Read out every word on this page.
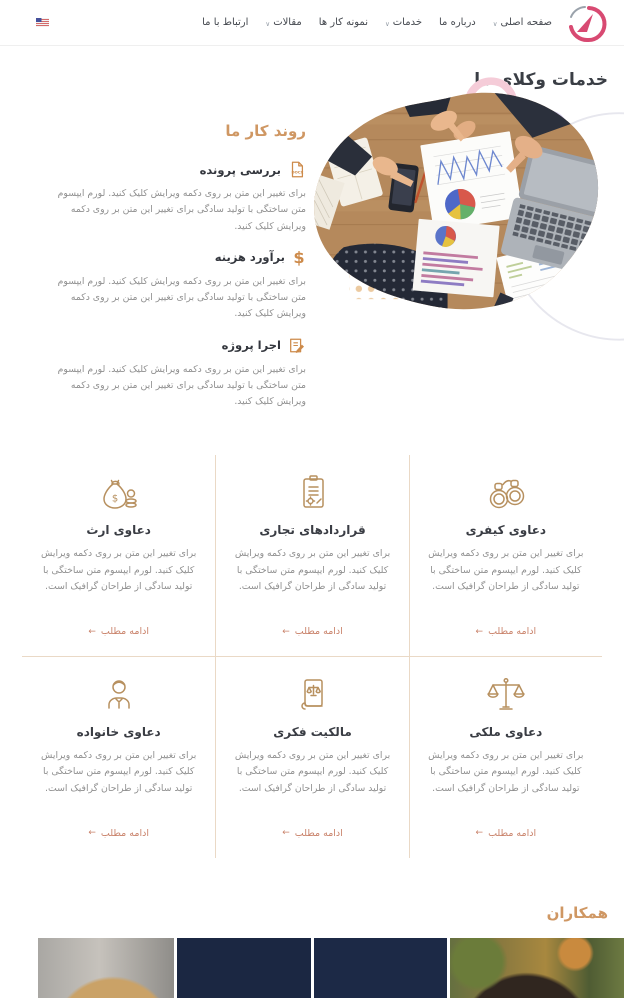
صفحه اصلی
∨
درباره ما
خدمات
∨
نمونه کار ها
مقالات
∨
ارتباط با ما
خدمات وکلای ما
روند کار ما
DOCX
بررسی پرونده

برای تغییر این متن بر روی دکمه ویرایش کلیک کنید. لورم ایپسوم متن ساختگی با تولید سادگی برای تغییر این متن بر روی دکمه ویرایش کلیک کنید.

$
برآورد هزینه

برای تغییر این متن بر روی دکمه ویرایش کلیک کنید. لورم ایپسوم متن ساختگی با تولید سادگی برای تغییر این متن بر روی دکمه ویرایش کلیک کنید.

اجرا پروژه

برای تغییر این متن بر روی دکمه ویرایش کلیک کنید. لورم ایپسوم متن ساختگی با تولید سادگی برای تغییر این متن بر روی دکمه ویرایش کلیک کنید.

دعاوی کیفری

برای تغییر این متن بر روی دکمه ویرایش کلیک کنید. لورم ایپسوم متن ساختگی با تولید سادگی از طراحان گرافیک است.

ادامه مطلب
←
قراردادهای تجاری

برای تغییر این متن بر روی دکمه ویرایش کلیک کنید. لورم ایپسوم متن ساختگی با تولید سادگی از طراحان گرافیک است.

ادامه مطلب
←
$
دعاوی ارث

برای تغییر این متن بر روی دکمه ویرایش کلیک کنید. لورم ایپسوم متن ساختگی با تولید سادگی از طراحان گرافیک است.

ادامه مطلب
←
دعاوی ملکی

برای تغییر این متن بر روی دکمه ویرایش کلیک کنید. لورم ایپسوم متن ساختگی با تولید سادگی از طراحان گرافیک است.

ادامه مطلب
←
مالکیت فکری

برای تغییر این متن بر روی دکمه ویرایش کلیک کنید. لورم ایپسوم متن ساختگی با تولید سادگی از طراحان گرافیک است.

ادامه مطلب
←
دعاوی خانواده

برای تغییر این متن بر روی دکمه ویرایش کلیک کنید. لورم ایپسوم متن ساختگی با تولید سادگی از طراحان گرافیک است.

ادامه مطلب
←
همکاران
